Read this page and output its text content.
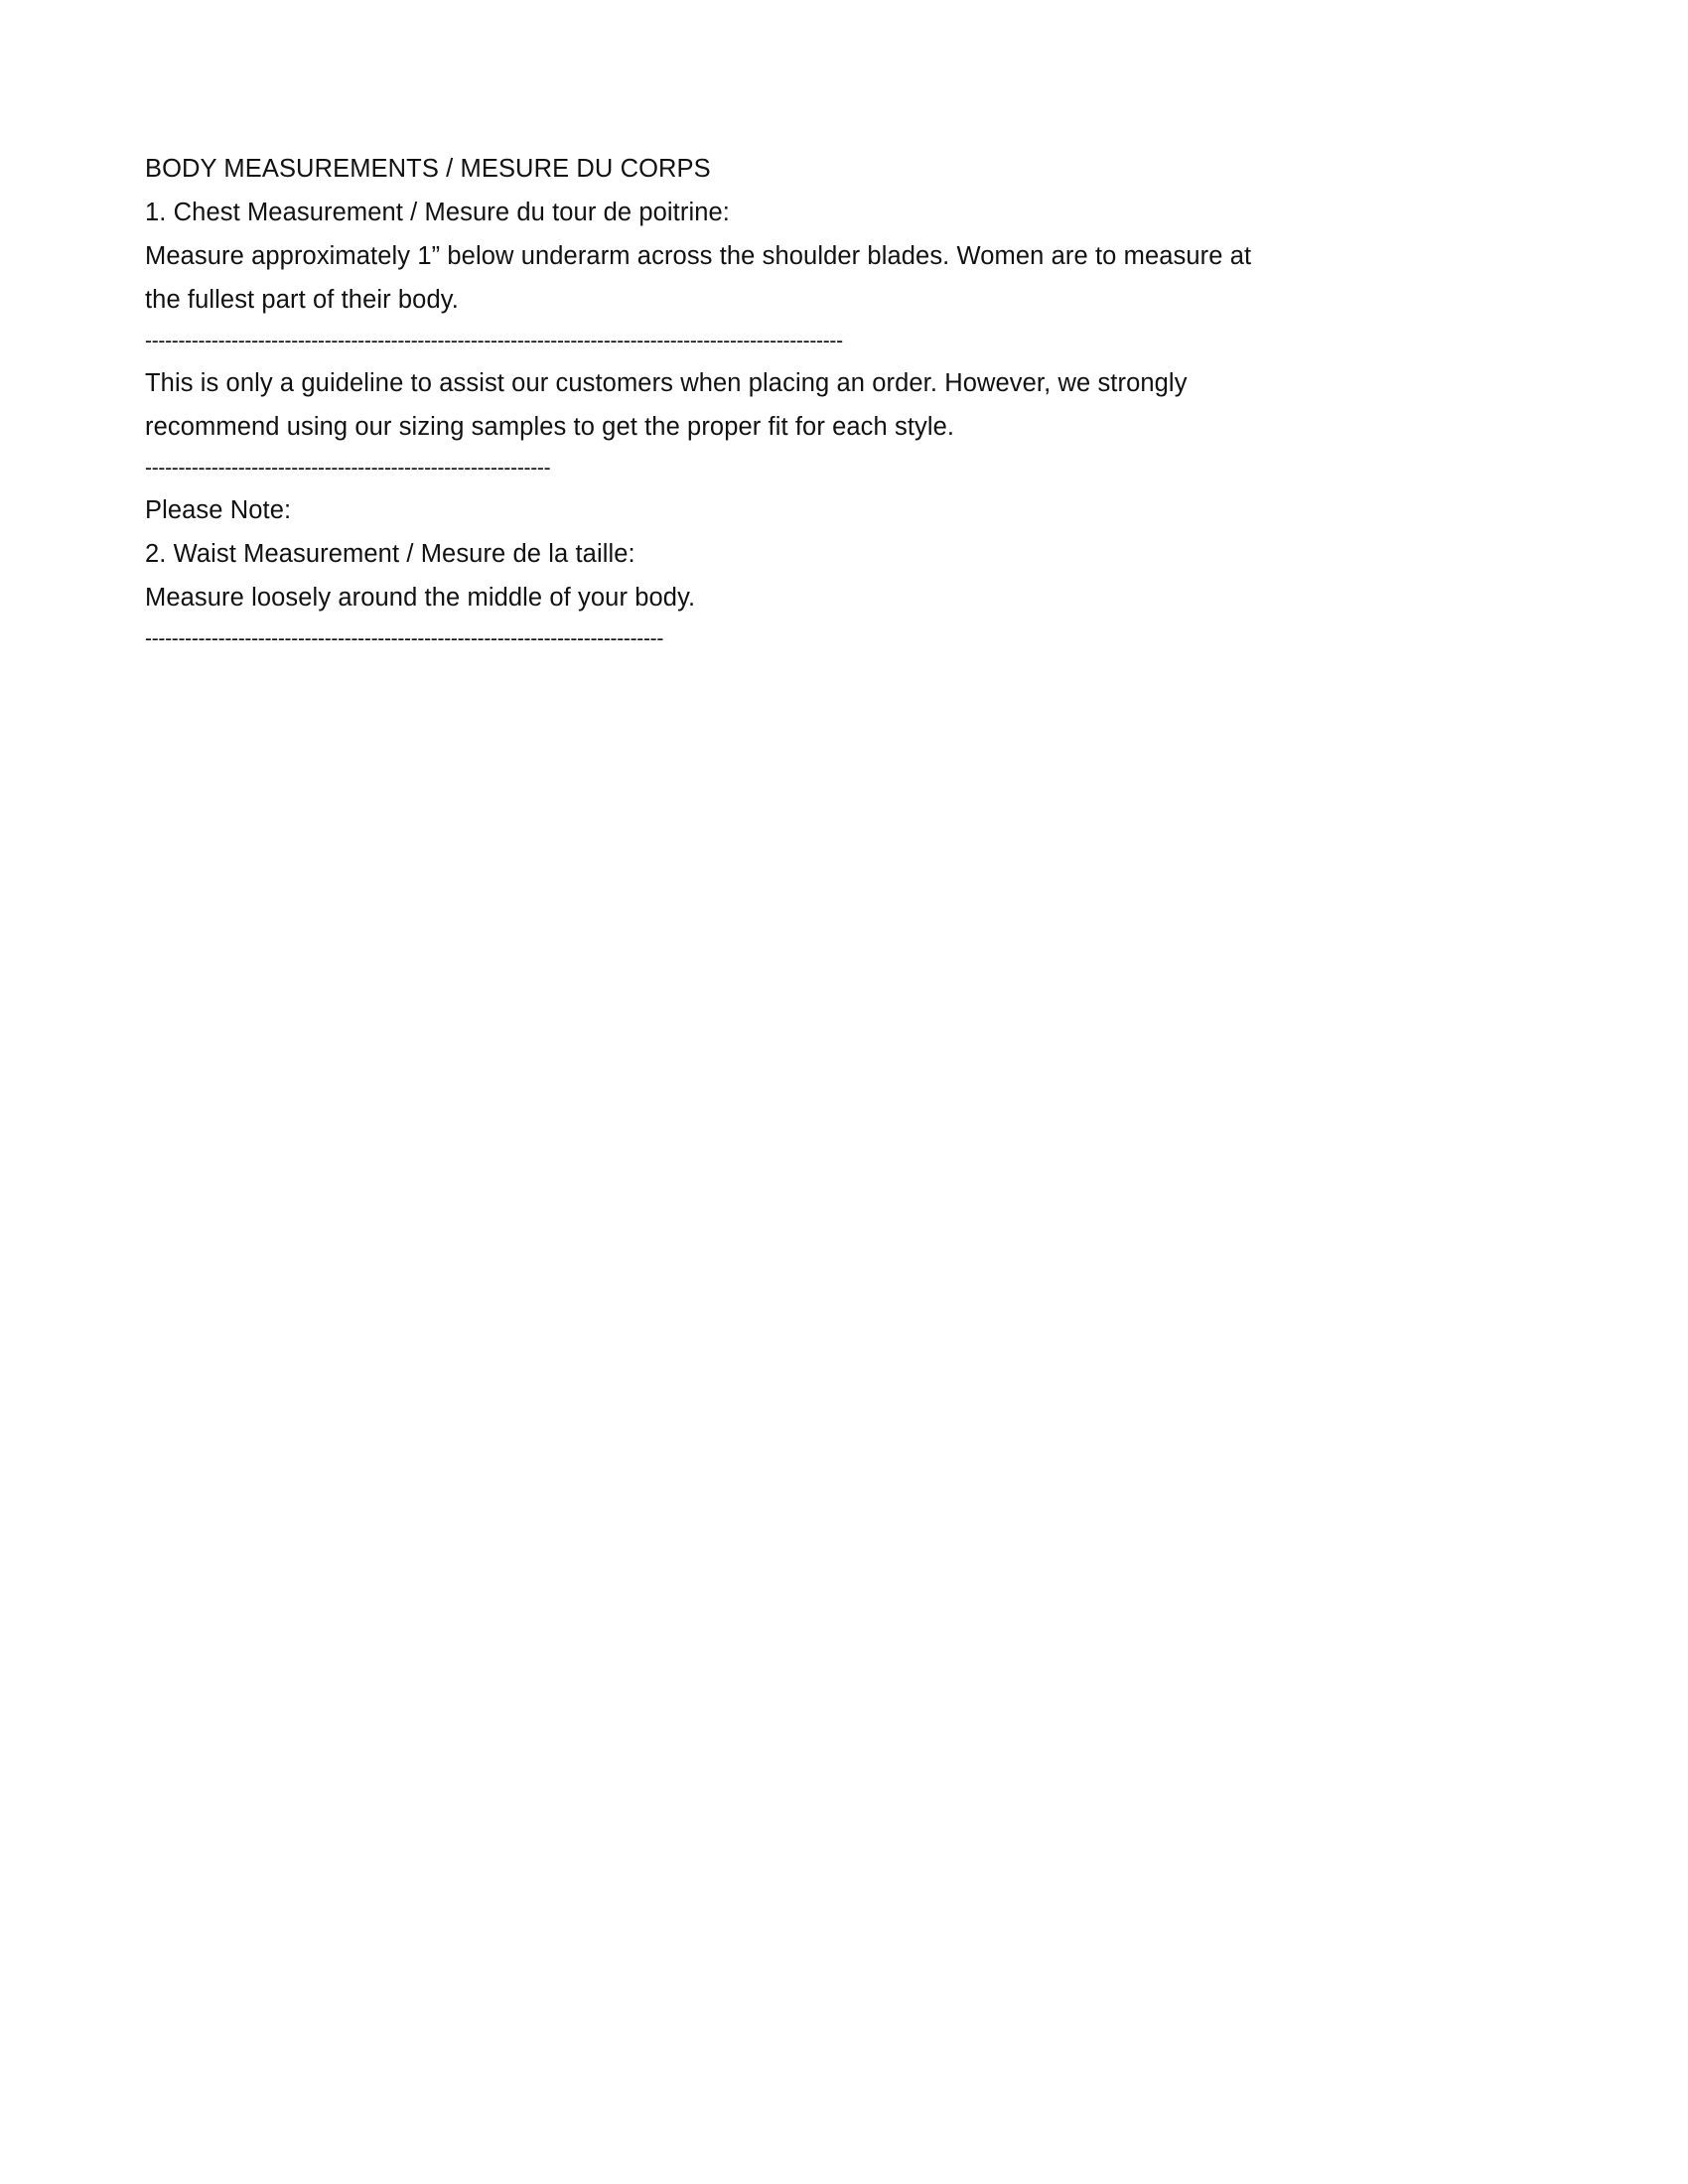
BODY MEASUREMENTS / MESURE DU CORPS
1. Chest Measurement / Mesure du tour de poitrine:
Measure approximately 1” below underarm across the shoulder blades. Women are to measure at the fullest part of their body.
---------------------------------------------------------------------------------------------------------
This is only a guideline to assist our customers when placing an order. However, we strongly recommend using our sizing samples to get the proper fit for each style.
-------------------------------------------------------------
Please Note:
2. Waist Measurement / Mesure de la taille:
Measure loosely around the middle of your body.
------------------------------------------------------------------------------
